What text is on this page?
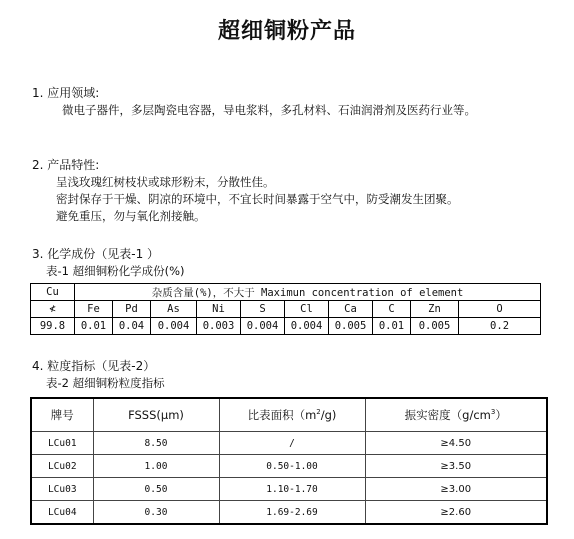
超细铜粉产品
1. 应用领域:
微电子器件，多层陶瓷电容器，导电浆料，多孔材料、石油润滑剂及医药行业等。
2. 产品特性:
呈浅玫瑰红树枝状或球形粉末，分散性佳。
密封保存于干燥、阴凉的环境中，不宜长时间暴露于空气中，防受潮发生团聚。
避免重压，勿与氧化剂接触。
3. 化学成份（见表-1 ）
表-1 超细铜粉化学成份(%)
Cu	杂质含量(%)，不大于 Maximun concentration of element									
≮	Fe	Pd	As	Ni	S	Cl	Ca	C	Zn	O
99.8	0.01	0.04	0.004	0.003	0.004	0.004	0.005	0.01	0.005	0.2
4. 粒度指标（见表-2）
表-2 超细铜粉粒度指标
牌号	FSSS(μm)	比表面积$(m^2/g)$	振实密度$(g/cm^3)$
LCu01	8.50	/	≥4.50
LCu02	1.00	0.50-1.00	≥3.50
LCu03	0.50	1.10-1.70	≥3.00
LCu04	0.30	1.69-2.69	≥2.60
